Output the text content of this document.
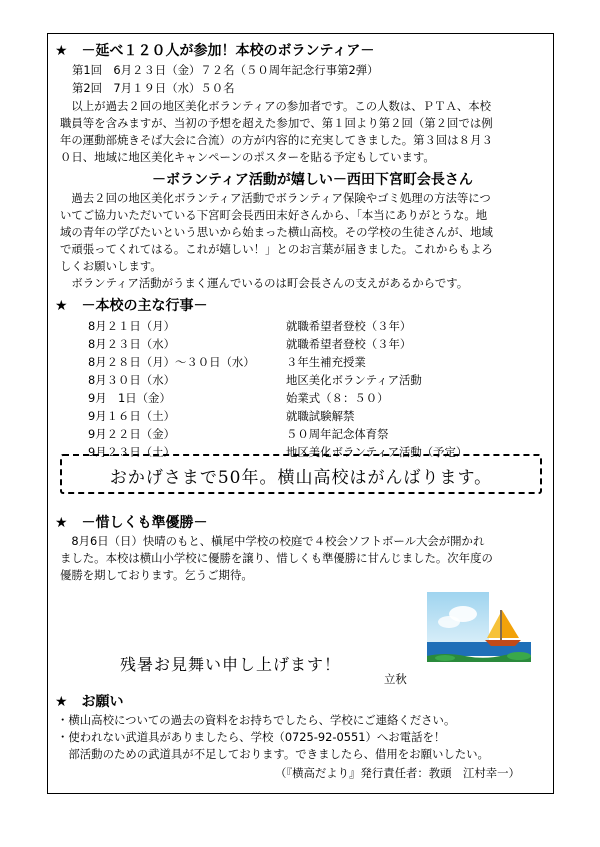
★　－延べ１２０人が参加！本校のボランティア－
第1回　6月２３日（金）７２名（５０周年記念行事第2弾）
第2回　7月１９日（水）５０名
　以上が過去２回の地区美化ボランティアの参加者です。この人数は、ＰＴＡ、本校
職員等を含みますが、当初の予想を超えた参加で、第１回より第２回（第２回では例
年の運動部焼きそば大会に合流）の方が内容的に充実してきました。第３回は８月３
０日、地域に地区美化キャンペーンのポスターを貼る予定もしています。
－ボランティア活動が嬉しい－西田下宮町会長さん
　過去２回の地区美化ボランティア活動でボランティア保険やゴミ処理の方法等につ
いてご協力いただいている下宮町会長西田末好さんから、「本当にありがとうな。地
域の青年の学びたいという思いから始まった横山高校。その学校の生徒さんが、地域
で頑張ってくれてはる。これが嬉しい！」とのお言葉が届きました。これからもよろ
しくお願いします。
　ボランティア活動がうまく運んでいるのは町会長さんの支えがあるからです。
★　－本校の主な行事－
8月２１日（月）	就職希望者登校（３年）
8月２３日（水）	就職希望者登校（３年）
8月２８日（月）～３０日（水）	３年生補充授業
8月３０日（水）	地区美化ボランティア活動
9月　1日（金）	始業式（８：５０）
9月１６日（土）	就職試験解禁
9月２２日（金）	５０周年記念体育祭
9月２３日（土）	地区美化ボランティア活動（予定）
おかげさまで50年。横山高校はがんばります。
★　－惜しくも準優勝－
　8月6日（日）快晴のもと、槇尾中学校の校庭で４校会ソフトボール大会が開かれ
ました。本校は横山小学校に優勝を譲り、惜しくも準優勝に甘んじました。次年度の
優勝を期しております。乞うご期待。
残暑お見舞い申し上げます！
立秋
★　お願い
・横山高校についての過去の資料をお持ちでしたら、学校にご連絡ください。
・使われない武道具がありましたら、学校（0725-92-0551）へお電話を！
　部活動のための武道具が不足しております。できましたら、借用をお願いしたい。
（『横高だより』発行責任者：教頭　江村幸一）
